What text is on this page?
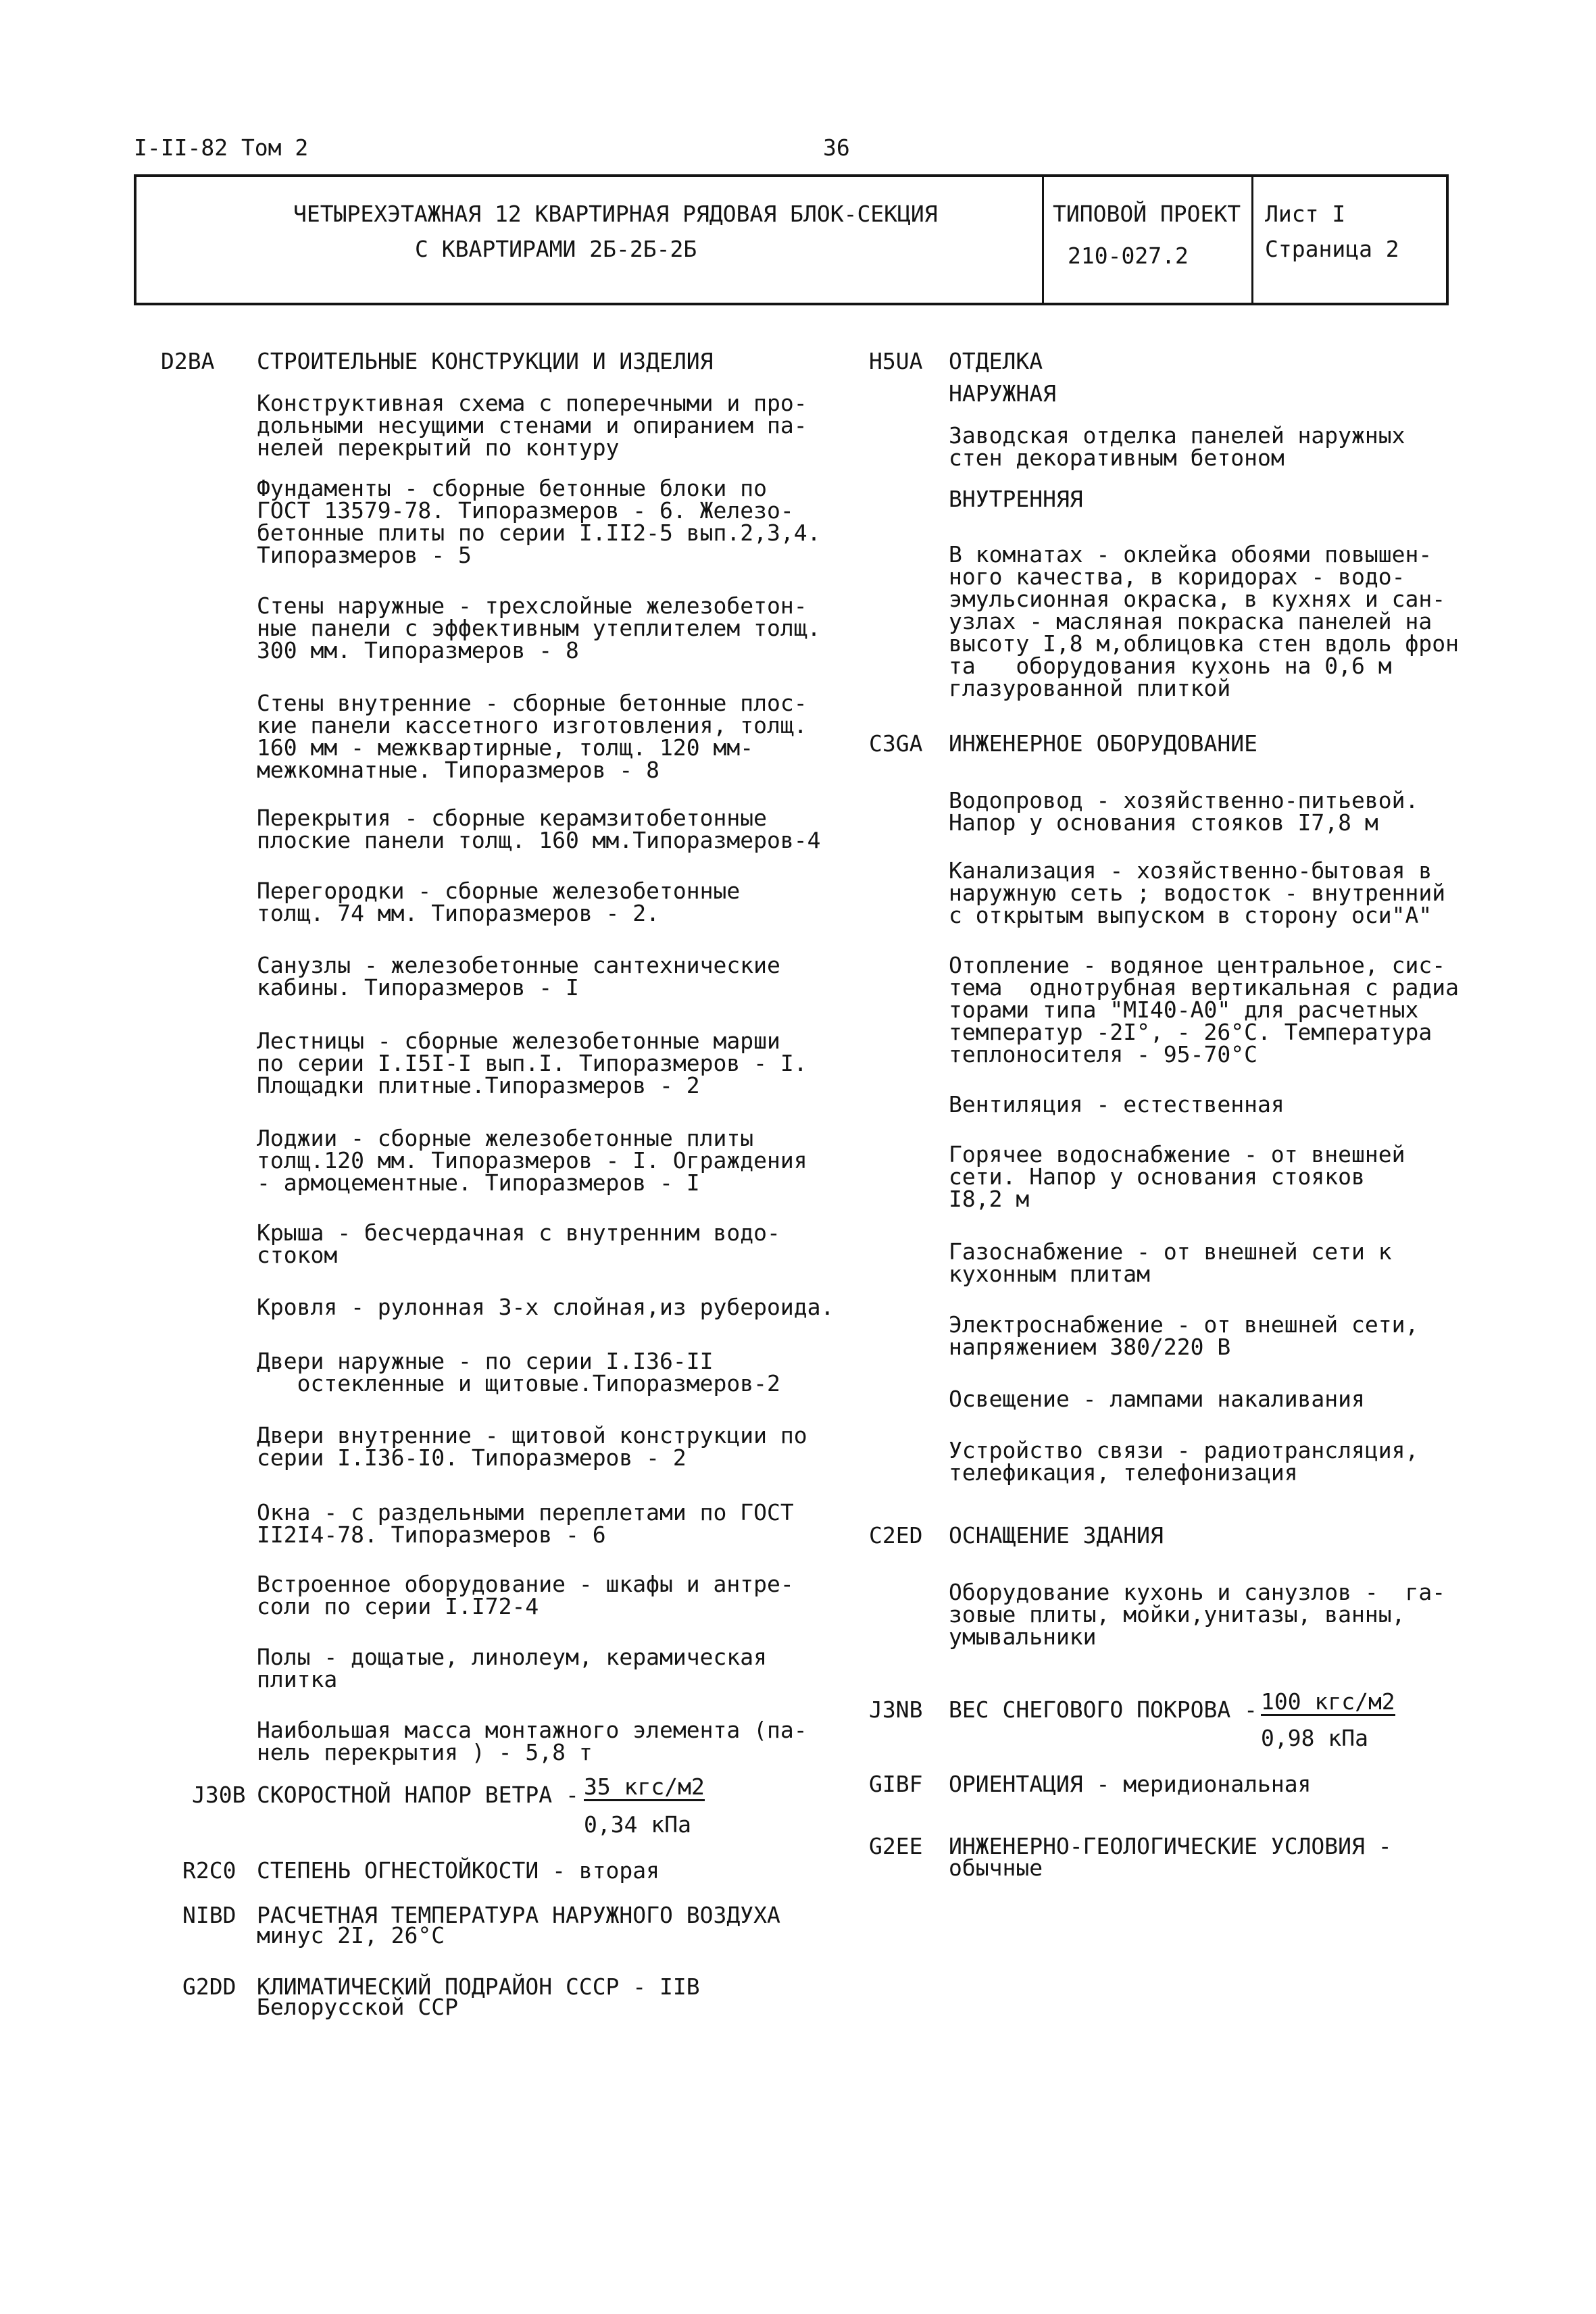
I-II-82 Том 2	36
ЧЕТЫРЕХЭТАЖНАЯ 12 КВАРТИРНАЯ РЯДОВАЯ БЛОК-СЕКЦИЯ
С КВАРТИРАМИ 2Б-2Б-2Б
ТИПОВОЙ ПРОЕКТ
210-027.2
Лист I
Страница 2
D2BA СТРОИТЕЛЬНЫЕ КОНСТРУКЦИИ И ИЗДЕЛИЯ
Конструктивная схема с поперечными и про-
дольными несущими стенами и опиранием па-
нелей перекрытий по контуру
Фундаменты - сборные бетонные блоки по
ГОСТ 13579-78. Типоразмеров - 6. Железо-
бетонные плиты по серии I.II2-5 вып.2,3,4.
Типоразмеров - 5
Стены наружные - трехслойные железобетон-
ные панели с эффективным утеплителем толщ.
300 мм. Типоразмеров - 8
Стены внутренние - сборные бетонные плос-
кие панели кассетного изготовления, толщ.
160 мм - межквартирные, толщ. 120 мм-
межкомнатные. Типоразмеров - 8
Перекрытия - сборные керамзитобетонные
плоские панели толщ. 160 мм.Типоразмеров-4
Перегородки - сборные железобетонные
толщ. 74 мм. Типоразмеров - 2.
Санузлы - железобетонные сантехнические
кабины. Типоразмеров - I
Лестницы - сборные железобетонные марши
по серии I.I5I-I вып.I. Типоразмеров - I.
Площадки плитные.Типоразмеров - 2
Лоджии - сборные железобетонные плиты
толщ.120 мм. Типоразмеров - I. Ограждения
- армоцементные. Типоразмеров - I
Крыша - бесчердачная с внутренним водо-
стоком
Кровля - рулонная 3-х слойная,из рубероида.
Двери наружные - по серии I.I36-II
остекленные и щитовые.Типоразмеров-2
Двери внутренние - щитовой конструкции по
серии I.I36-I0. Типоразмеров - 2
Окна - с раздельными переплетами по ГОСТ
II2I4-78. Типоразмеров - 6
Встроенное оборудование - шкафы и антре-
соли по серии I.I72-4
Полы - дощатые, линолеум, керамическая
плитка
Наибольшая масса монтажного элемента (па-
нель перекрытия ) - 5,8 т
J30B СКОРОСТНОЙ НАПОР ВЕТРА - 35 кгс/м2
0,34 кПа
R2C0 СТЕПЕНЬ ОГНЕСТОЙКОСТИ - вторая
NIBD РАСЧЕТНАЯ ТЕМПЕРАТУРА НАРУЖНОГО ВОЗДУХА
минус 2I, 26°С
G2DD КЛИМАТИЧЕСКИЙ ПОДРАЙОН СССР - IIВ
Белорусской ССР
H5UA ОТДЕЛКА
НАРУЖНАЯ
Заводская отделка панелей наружных
стен декоративным бетоном
ВНУТРЕННЯЯ
В комнатах - оклейка обоями повышен-
ного качества, в коридорах - водо-
эмульсионная окраска, в кухнях и сан-
узлах - масляная покраска панелей на
высоту I,8 м,облицовка стен вдоль фрон
та   оборудования кухонь на 0,6 м
глазурованной плиткой
C3GA ИНЖЕНЕРНОЕ ОБОРУДОВАНИЕ
Водопровод - хозяйственно-питьевой.
Напор у основания стояков I7,8 м
Канализация - хозяйственно-бытовая в
наружную сеть ; водосток - внутренний
с открытым выпуском в сторону оси"А"
Отопление - водяное центральное, сис-
тема  однотрубная вертикальная с радиа
торами типа "МI40-А0" для расчетных
температур -2I°, - 26°С. Температура
теплоносителя - 95-70°С
Вентиляция - естественная
Горячее водоснабжение - от внешней
сети. Напор у основания стояков
I8,2 м
Газоснабжение - от внешней сети к
кухонным плитам
Электроснабжение - от внешней сети,
напряжением 380/220 В
Освещение - лампами накаливания
Устройство связи - радиотрансляция,
телефикация, телефонизация
C2ED ОСНАЩЕНИЕ ЗДАНИЯ
Оборудование кухонь и санузлов -  га-
зовые плиты, мойки,унитазы, ванны,
умывальники
J3NB ВЕС СНЕГОВОГО ПОКРОВА - 100 кгс/м2
0,98 кПа
GIBF ОРИЕНТАЦИЯ - меридиональная
G2EE ИНЖЕНЕРНО-ГЕОЛОГИЧЕСКИЕ УСЛОВИЯ -
обычные
